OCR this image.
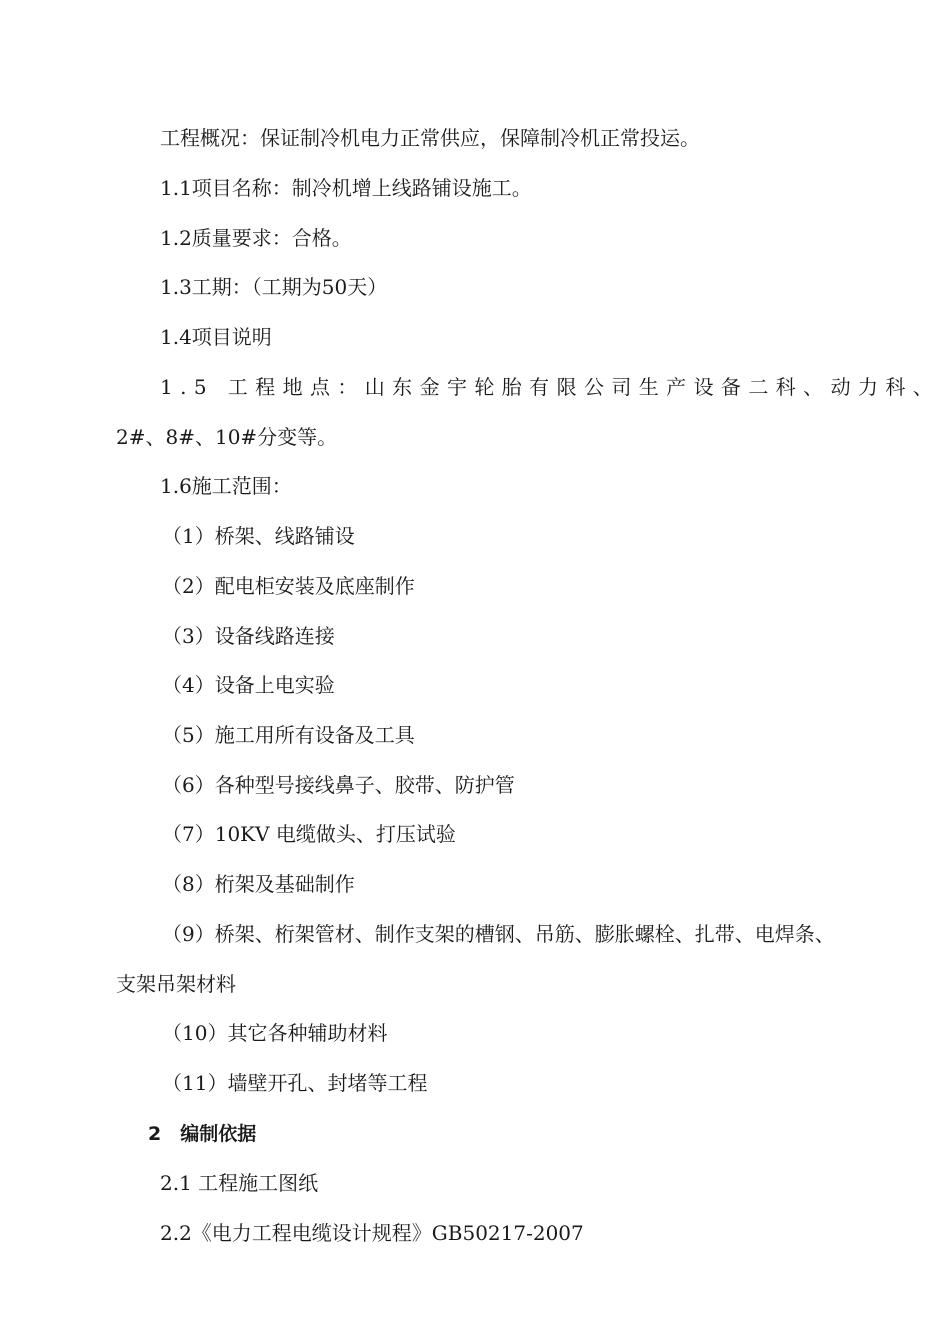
工程概况：保证制冷机电力正常供应，保障制冷机正常投运。
1.1项目名称：制冷机增上线路铺设施工。
1.2质量要求：合格。
1.3工期：（工期为50天）
1.4项目说明
1.5 工程地点：山东金宇轮胎有限公司生产设备二科、动力科、
2#、8#、10#分变等。
1.6施工范围：
（1）桥架、线路铺设
（2）配电柜安装及底座制作
（3）设备线路连接
（4）设备上电实验
（5）施工用所有设备及工具
（6）各种型号接线鼻子、胶带、防护管
（7）10KV 电缆做头、打压试验
（8）桁架及基础制作
（9）桥架、桁架管材、制作支架的槽钢、吊筋、膨胀螺栓、扎带、电焊条、
支架吊架材料
（10）其它各种辅助材料
（11）墙壁开孔、封堵等工程
2　编制依据
2.1 工程施工图纸
2.2《电力工程电缆设计规程》GB50217-2007
